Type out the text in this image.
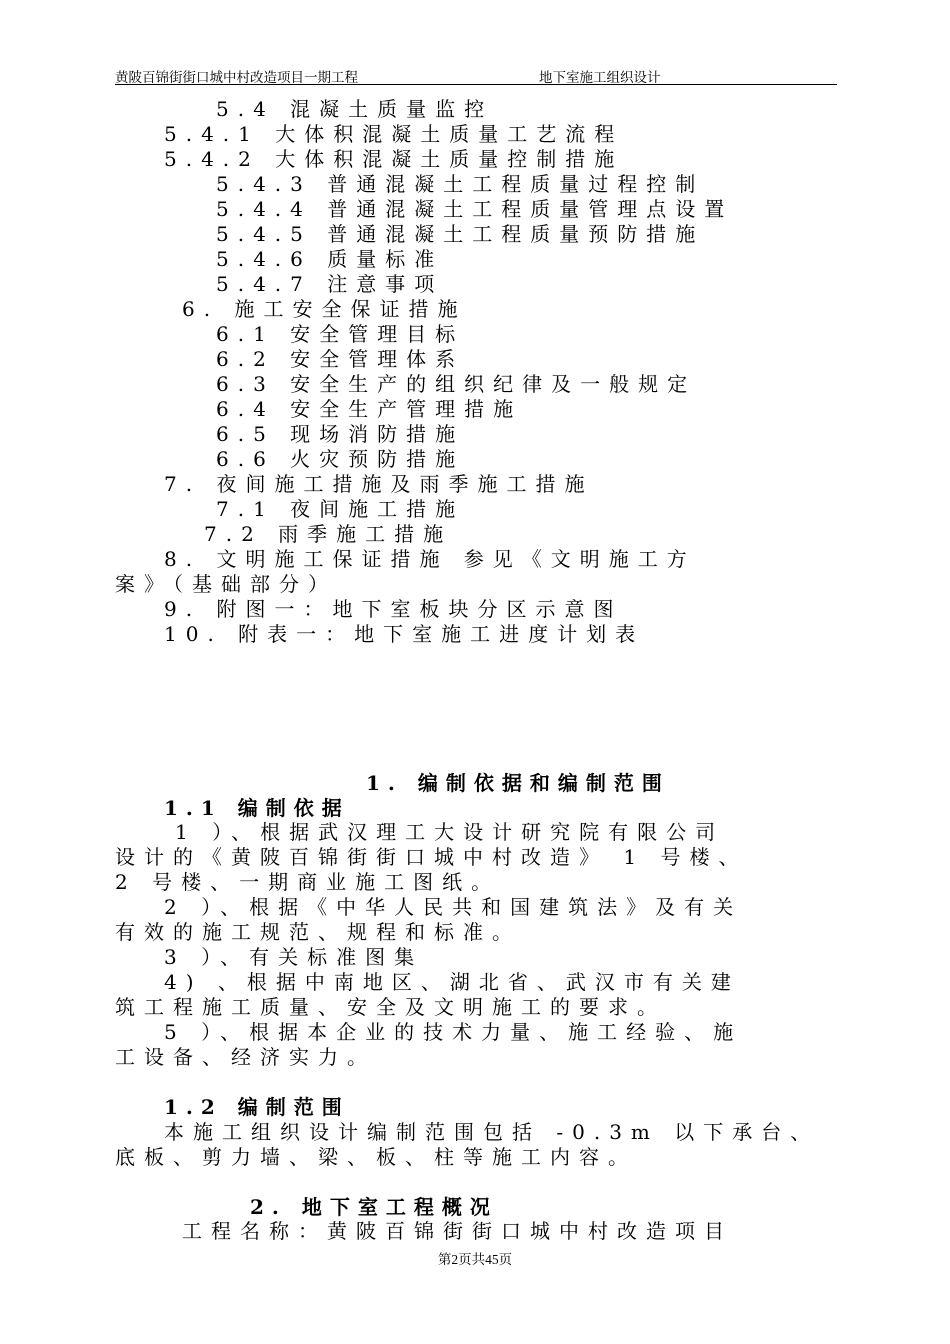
黄陂百锦街街口城中村改造项目一期工程	地下室施工组织设计
5.4 混凝土质量监控
5.4.1 大体积混凝土质量工艺流程
5.4.2 大体积混凝土质量控制措施
5.4.3 普通混凝土工程质量过程控制
5.4.4 普通混凝土工程质量管理点设置
5.4.5 普通混凝土工程质量预防措施
5.4.6 质量标准
5.4.7 注意事项
6. 施工安全保证措施
6.1 安全管理目标
6.2 安全管理体系
6.3 安全生产的组织纪律及一般规定
6.4 安全生产管理措施
6.5 现场消防措施
6.6 火灾预防措施
7. 夜间施工措施及雨季施工措施
7.1 夜间施工措施
7.2 雨季施工措施
8. 文明施工保证措施 参见《文明施工方
案》（基础部分）
9. 附图一：地下室板块分区示意图
10. 附表一：地下室施工进度计划表
1. 编制依据和编制范围
1.1 编制依据
1 ）、根据武汉理工大设计研究院有限公司
设计的《黄陂百锦街街口城中村改造》 1 号楼、
2 号楼、一期商业施工图纸。
2 ）、根据《中华人民共和国建筑法》及有关
有效的施工规范、规程和标准。
3 ）、有关标准图集
4) 、根据中南地区、湖北省、武汉市有关建
筑工程施工质量、安全及文明施工的要求。
5 ）、根据本企业的技术力量、施工经验、施
工设备、经济实力。
1.2 编制范围
本施工组织设计编制范围包括 -0.3m 以下承台、
底板、剪力墙、梁、板、柱等施工内容。
2. 地下室工程概况
工程名称：黄陂百锦街街口城中村改造项目
第2页共45页
